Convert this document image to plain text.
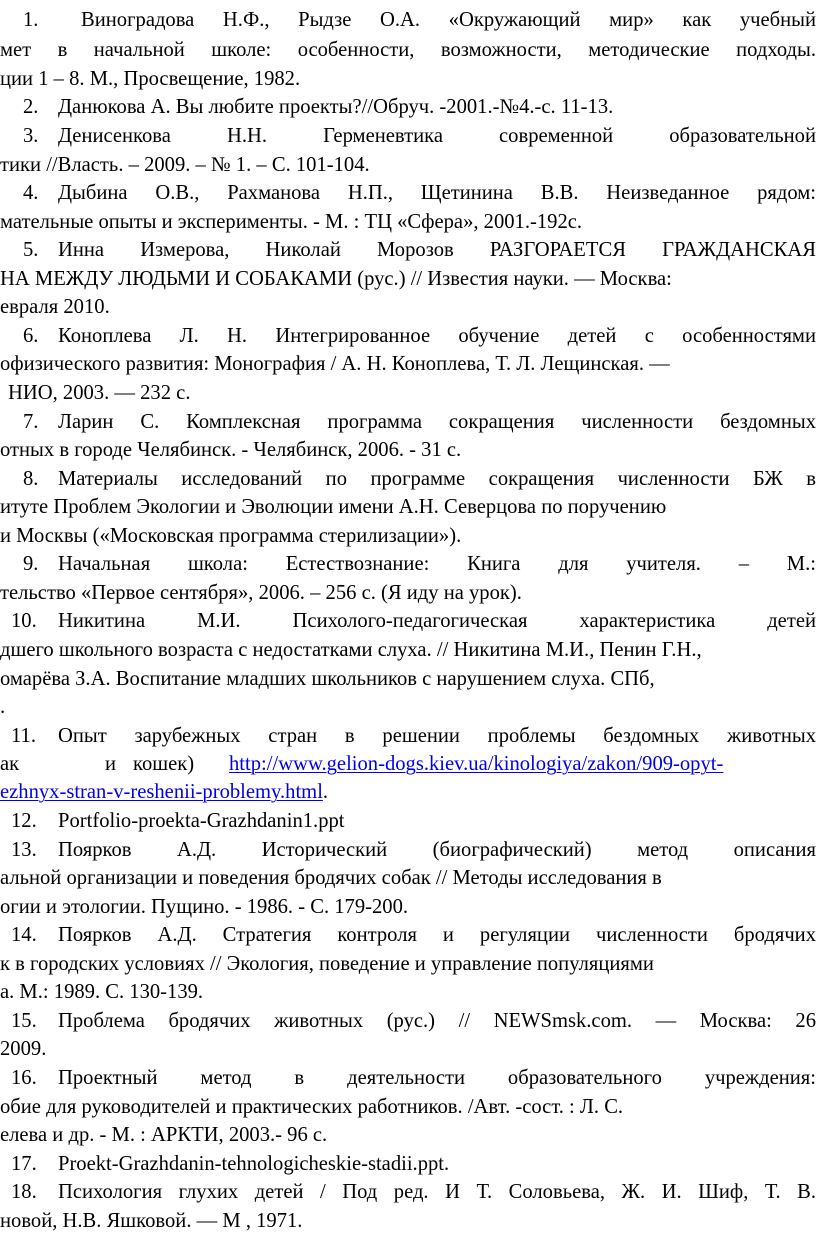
1.	Виноградова Н.Ф., Рыдзе О.А. «Окружающий мир» как учебный
мет в начальной школе: особенности, возможности, методические подходы.
ции 1 – 8. М., Просвещение, 1982.
2. Данюкова А. Вы любите проекты?//Обруч. -2001.-№4.-с. 11-13.
3. Денисенкова Н.Н. Герменевтика современной образовательной
тики //Власть. – 2009. – № 1. – С. 101-104.
4. Дыбина О.В., Рахманова Н.П., Щетинина В.В. Неизведанное рядом:
мательные опыты и эксперименты. - М. : ТЦ «Сфера», 2001.-192с.
5. Инна Измерова, Николай Морозов РАЗГОРАЕТСЯ ГРАЖДАНСКАЯ
НА МЕЖДУ ЛЮДЬМИ И СОБАКАМИ (рус.) // Известия науки. — Москва:
евраля 2010.
6. Коноплева Л. Н. Интегрированное обучение детей с особенностями
офизического развития: Монография / А. Н. Коноплева, Т. Л. Лещинская. —
НИО, 2003. — 232 с.
7. Ларин С. Комплексная программа сокращения численности бездомных
отных в городе Челябинск. - Челябинск, 2006. - 31 с.
8. Материалы исследований по программе сокращения численности БЖ в
итуте Проблем Экологии и Эволюции имени А.Н. Северцова по поручению
и Москвы («Московская программа стерилизации»).
9. Начальная школа: Естествознание: Книга для учителя. – М.:
тельство «Первое сентября», 2006. – 256 с. (Я иду на урок).
10.	Никитина М.И. Психолого-педагогическая характеристика детей
дшего школьного возраста с недостатками слуха. // Никитина М.И., Пенин Г.Н.,
омарёва З.А. Воспитание младших школьников с нарушением слуха. СПб,
.
11.	Опыт зарубежных стран в решении проблемы бездомных животных
ак	и кошек) http://www.gelion-dogs.kiev.ua/kinologiya/zakon/909-opyt-
ezhnyx-stran-v-reshenii-problemy.html.
12. Portfolio-proekta-Grazhdanin1.ppt
13.	Поярков А.Д. Исторический (биографический) метод описания
альной организации и поведения бродячих собак // Методы исследования в
огии и этологии. Пущино. - 1986. - С. 179-200.
14.	Поярков А.Д. Стратегия контроля и регуляции численности бродячих
к в городских условиях // Экология, поведение и управление популяциями
а. М.: 1989. С. 130-139.
15.	Проблема бродячих животных (рус.) // NEWSmsk.com. — Москва: 26
2009.
16.	Проектный метод в деятельности образовательного учреждения:
обие для руководителей и практических работников. /Авт. -сост. : Л. С.
елева и др. - М. : АРКТИ, 2003.- 96 с.
17. Proekt-Grazhdanin-tehnologicheskie-stadii.ppt.
18.	Психология глухих детей / Под ред. И Т. Соловьева, Ж. И. Шиф, Т. В.
новой, Н.В. Яшковой. — М , 1971.
